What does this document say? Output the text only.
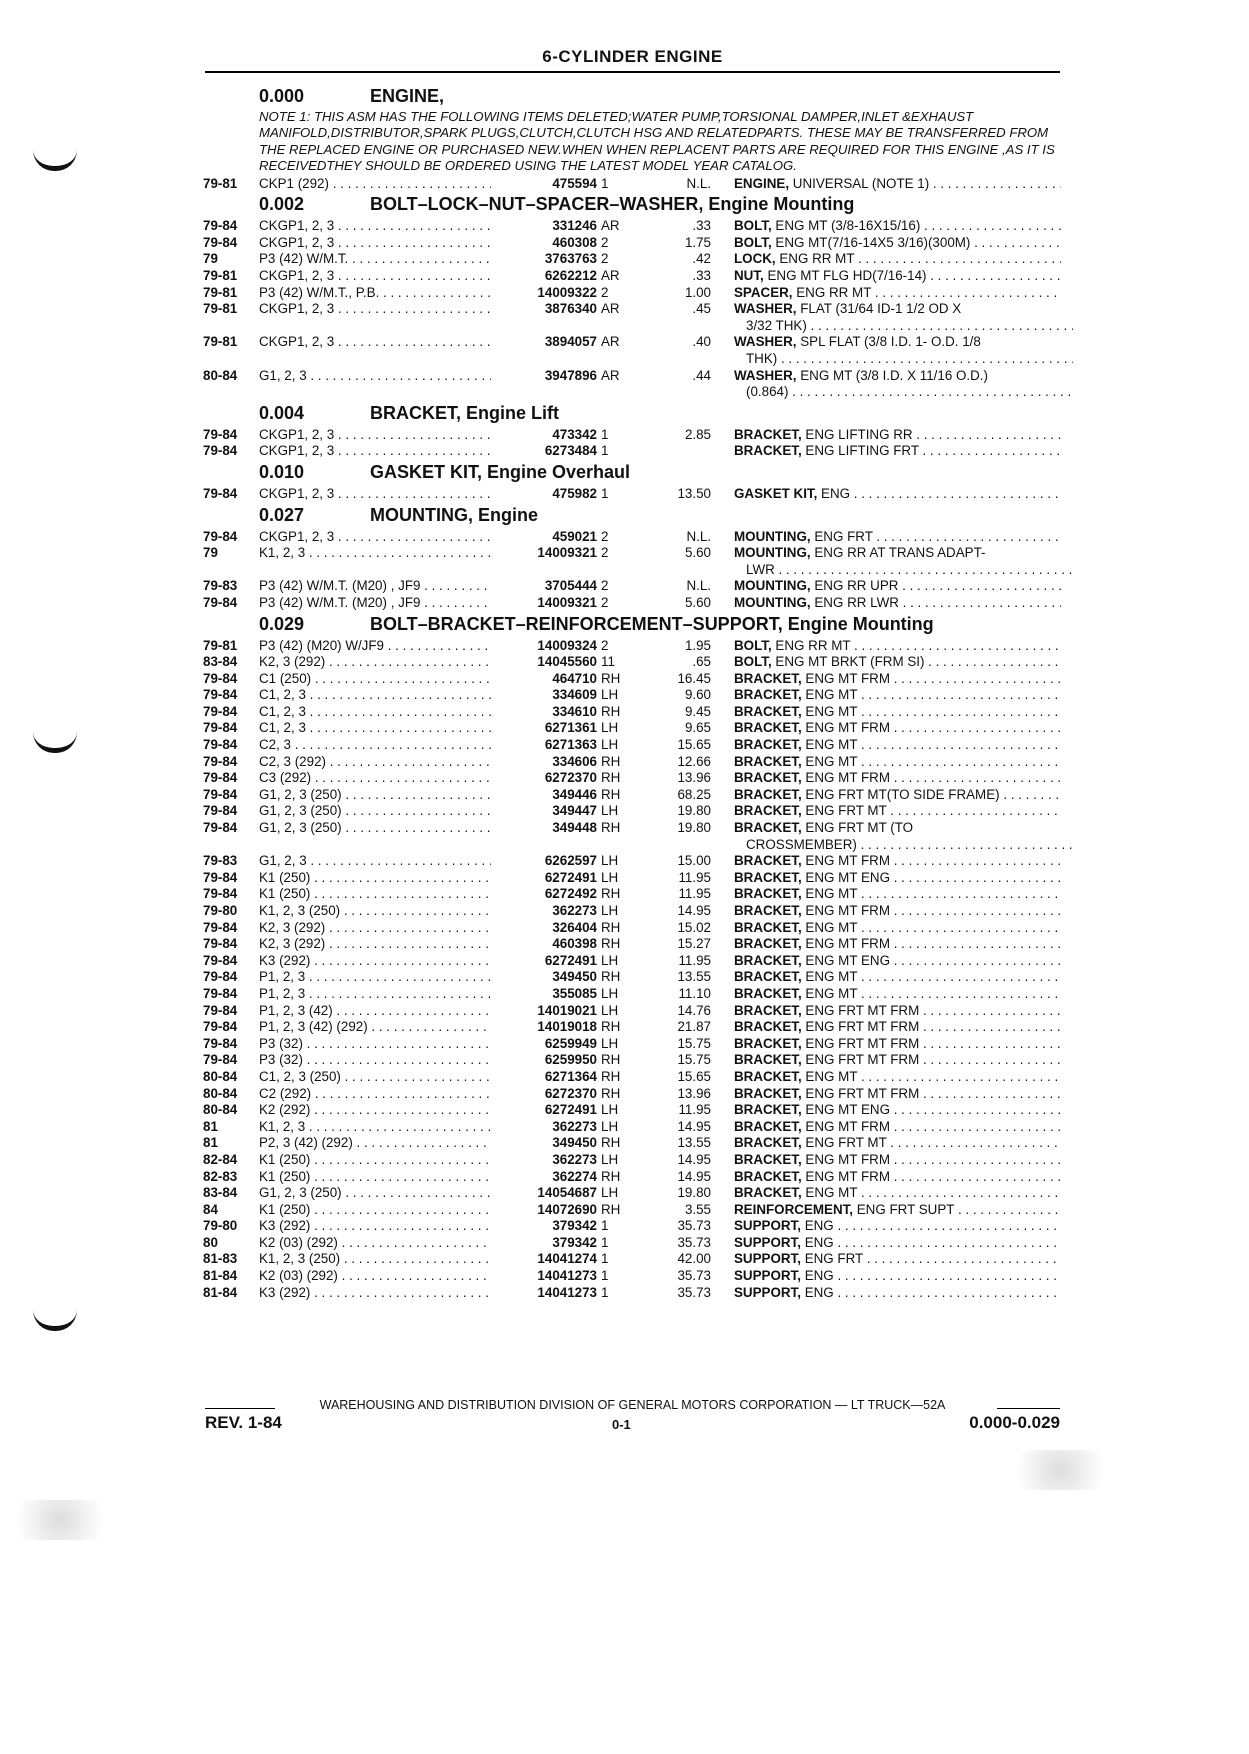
6-CYLINDER ENGINE
0.000	ENGINE,
NOTE 1: THIS ASM HAS THE FOLLOWING ITEMS DELETED;WATER PUMP,TORSIONAL DAMPER,INLET &EXHAUST MANIFOLD,DISTRIBUTOR,SPARK PLUGS,CLUTCH,CLUTCH HSG AND RELATEDPARTS. THESE MAY BE TRANSFERRED FROM THE REPLACED ENGINE OR PURCHASED NEW.WHEN WHEN REPLACENT PARTS ARE REQUIRED FOR THIS ENGINE ,AS IT IS RECEIVEDTHEY SHOULD BE ORDERED USING THE LATEST MODEL YEAR CATALOG.
79-81 CKP1 (292) . . .	475594 1	N.L. ENGINE, UNIVERSAL (NOTE 1) . . .
0.002	BOLT–LOCK–NUT–SPACER–WASHER, Engine Mounting
79-84 CKGP1, 2, 3 . . .	331246 AR	.33 BOLT, ENG MT (3/8-16X15/16) . . .
79-84 CKGP1, 2, 3 . . .	460308 2	1.75 BOLT, ENG MT(7/16-14X5 3/16)(300M) . . .
79	P3 (42) W/M.T. . . .	3763763 2	.42 LOCK, ENG RR MT . . .
79-81 CKGP1, 2, 3 . . .	6262212 AR	.33 NUT, ENG MT FLG HD(7/16-14) . . .
79-81 P3 (42) W/M.T., P.B. . . .	14009322 2	1.00 SPACER, ENG RR MT . . .
79-81 CKGP1, 2, 3 . . .	3876340 AR	.45 WASHER, FLAT (31/64 ID-1 1/2 OD X
3/32 THK) . . .
79-81 CKGP1, 2, 3 . . .	3894057 AR	.40 WASHER, SPL FLAT (3/8 I.D. 1- O.D. 1/8
THK) . . .
80-84 G1, 2, 3 . . .	3947896 AR	.44 WASHER, ENG MT (3/8 I.D. X 11/16 O.D.)
(0.864) . . .
0.004	BRACKET, Engine Lift
79-84 CKGP1, 2, 3 . . .	473342 1	2.85 BRACKET, ENG LIFTING RR . . .
79-84 CKGP1, 2, 3 . . .	6273484 1	BRACKET, ENG LIFTING FRT . . .
0.010	GASKET KIT, Engine Overhaul
79-84 CKGP1, 2, 3 . . .	475982 1	13.50 GASKET KIT, ENG . . .
0.027	MOUNTING, Engine
79-84 CKGP1, 2, 3 . . .	459021 2	N.L. MOUNTING, ENG FRT . . .
79	K1, 2, 3 . . .	14009321 2	5.60 MOUNTING, ENG RR AT TRANS ADAPT-
LWR . . .
79-83 P3 (42) W/M.T. (M20) , JF9 . . .	3705444 2	N.L. MOUNTING, ENG RR UPR . . .
79-84 P3 (42) W/M.T. (M20) , JF9 . . .	14009321 2	5.60 MOUNTING, ENG RR LWR . . .
0.029	BOLT–BRACKET–REINFORCEMENT–SUPPORT, Engine Mounting
79-81 P3 (42) (M20) W/JF9 . . .	14009324 2	1.95 BOLT, ENG RR MT . . .
83-84 K2, 3 (292) . . .	14045560 11	.65 BOLT, ENG MT BRKT (FRM SI) . . .
79-84 C1 (250) . . .	464710 RH	16.45 BRACKET, ENG MT FRM . . .
79-84 C1, 2, 3 . . .	334609 LH	9.60 BRACKET, ENG MT . . .
79-84 C1, 2, 3 . . .	334610 RH	9.45 BRACKET, ENG MT . . .
79-84 C1, 2, 3 . . .	6271361 LH	9.65 BRACKET, ENG MT FRM . . .
79-84 C2, 3 . . .	6271363 LH	15.65 BRACKET, ENG MT . . .
79-84 C2, 3 (292) . . .	334606 RH	12.66 BRACKET, ENG MT . . .
79-84 C3 (292) . . .	6272370 RH	13.96 BRACKET, ENG MT FRM . . .
79-84 G1, 2, 3 (250) . . .	349446 RH	68.25 BRACKET, ENG FRT MT(TO SIDE FRAME) . . .
79-84 G1, 2, 3 (250) . . .	349447 LH	19.80 BRACKET, ENG FRT MT . . .
79-84 G1, 2, 3 (250) . . .	349448 RH	19.80 BRACKET, ENG FRT MT (TO
CROSSMEMBER) . . .
79-83 G1, 2, 3 . . .	6262597 LH	15.00 BRACKET, ENG MT FRM . . .
79-84 K1 (250) . . .	6272491 LH	11.95 BRACKET, ENG MT ENG . . .
79-84 K1 (250) . . .	6272492 RH	11.95 BRACKET, ENG MT . . .
79-80 K1, 2, 3 (250) . . .	362273 LH	14.95 BRACKET, ENG MT FRM . . .
79-84 K2, 3 (292) . . .	326404 RH	15.02 BRACKET, ENG MT . . .
79-84 K2, 3 (292) . . .	460398 RH	15.27 BRACKET, ENG MT FRM . . .
79-84 K3 (292) . . .	6272491 LH	11.95 BRACKET, ENG MT ENG . . .
79-84 P1, 2, 3 . . .	349450 RH	13.55 BRACKET, ENG MT . . .
79-84 P1, 2, 3 . . .	355085 LH	11.10 BRACKET, ENG MT . . .
79-84 P1, 2, 3 (42) . . .	14019021 LH	14.76 BRACKET, ENG FRT MT FRM . . .
79-84 P1, 2, 3 (42) (292) . . .	14019018 RH	21.87 BRACKET, ENG FRT MT FRM . . .
79-84 P3 (32) . . .	6259949 LH	15.75 BRACKET, ENG FRT MT FRM . . .
79-84 P3 (32) . . .	6259950 RH	15.75 BRACKET, ENG FRT MT FRM . . .
80-84 C1, 2, 3 (250) . . .	6271364 RH	15.65 BRACKET, ENG MT . . .
80-84 C2 (292) . . .	6272370 RH	13.96 BRACKET, ENG FRT MT FRM . . .
80-84 K2 (292) . . .	6272491 LH	11.95 BRACKET, ENG MT ENG . . .
81	K1, 2, 3 . . .	362273 LH	14.95 BRACKET, ENG MT FRM . . .
81	P2, 3 (42) (292) . . .	349450 RH	13.55 BRACKET, ENG FRT MT . . .
82-84 K1 (250) . . .	362273 LH	14.95 BRACKET, ENG MT FRM . . .
82-83 K1 (250) . . .	362274 RH	14.95 BRACKET, ENG MT FRM . . .
83-84 G1, 2, 3 (250) . . .	14054687 LH	19.80 BRACKET, ENG MT . . .
84	K1 (250) . . .	14072690 RH	3.55 REINFORCEMENT, ENG FRT SUPT . . .
79-80 K3 (292) . . .	379342 1	35.73 SUPPORT, ENG . . .
80	K2 (03) (292) . . .	379342 1	35.73 SUPPORT, ENG . . .
81-83 K1, 2, 3 (250) . . .	14041274 1	42.00 SUPPORT, ENG FRT . . .
81-84 K2 (03) (292) . . .	14041273 1	35.73 SUPPORT, ENG . . .
81-84 K3 (292) . . .	14041273 1	35.73 SUPPORT, ENG . . .
WAREHOUSING AND DISTRIBUTION DIVISION OF GENERAL MOTORS CORPORATION — LT TRUCK—52A
REV. 1-84	0-1	0.000-0.029
